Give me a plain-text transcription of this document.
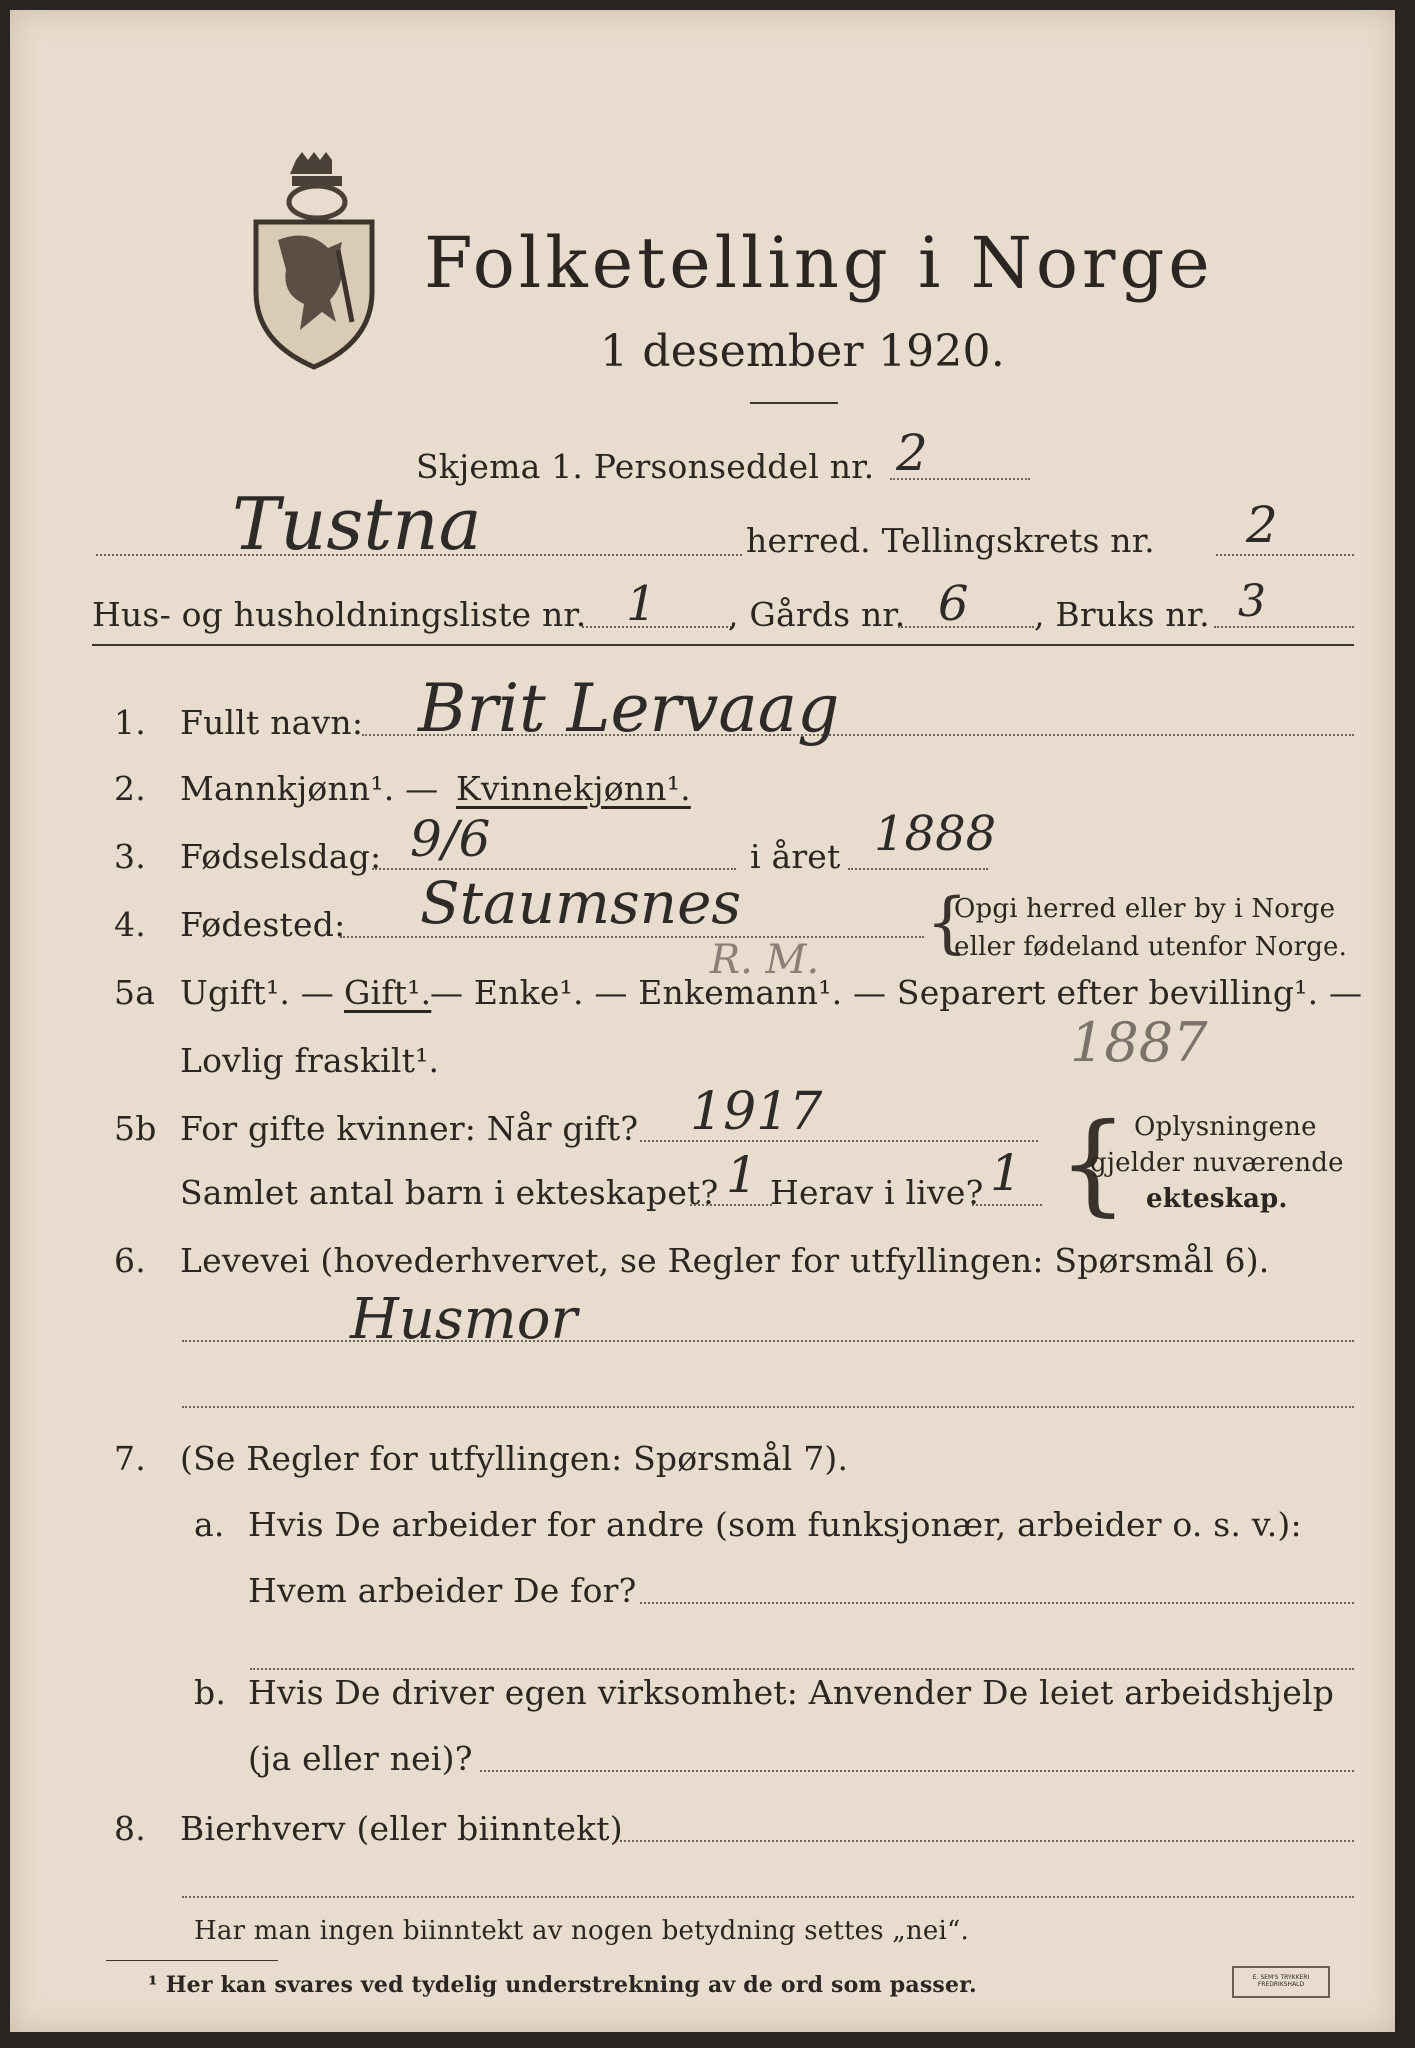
Folketelling i Norge
1 desember 1920.
Skjema 1. Personseddel nr. 2
Tustna	herred. Tellingskrets nr. 2
Hus- og husholdningsliste nr. 1 , Gårds nr. 6 , Bruks nr. 3
1. Fullt navn: Brit Lervaag
2. Mannkjønn¹. — Kvinnekjønn¹.
3. Fødselsdag: 9/6	i året 1888
4. Fødested: Staumsnes	{
Opgi herred eller by i Norge
eller fødeland utenfor Norge.
R. M.
5a Ugift¹. — Gift¹.
— Enke¹. — Enkemann¹. — Separert efter bevilling¹. —
Lovlig fraskilt¹.	1887
5b For gifte kvinner: Når gift? 1917
Samlet antal barn i ekteskapet? 1 Herav i live? 1 { Oplysningene
gjelder nuværende
ekteskap.
6. Levevei (hovederhvervet, se Regler for utfyllingen: Spørsmål 6).
Husmor
7. (Se Regler for utfyllingen: Spørsmål 7).
a. Hvis De arbeider for andre (som funksjonær, arbeider o. s. v.):
Hvem arbeider De for?
b. Hvis De driver egen virksomhet: Anvender De leiet arbeidshjelp
(ja eller nei)?
8. Bierhverv (eller biinntekt)
Har man ingen biinntekt av nogen betydning settes „nei“.
¹ Her kan svares ved tydelig understrekning av de ord som passer.	E. SEM'S TRYKKERI FREDRIKSHALD
